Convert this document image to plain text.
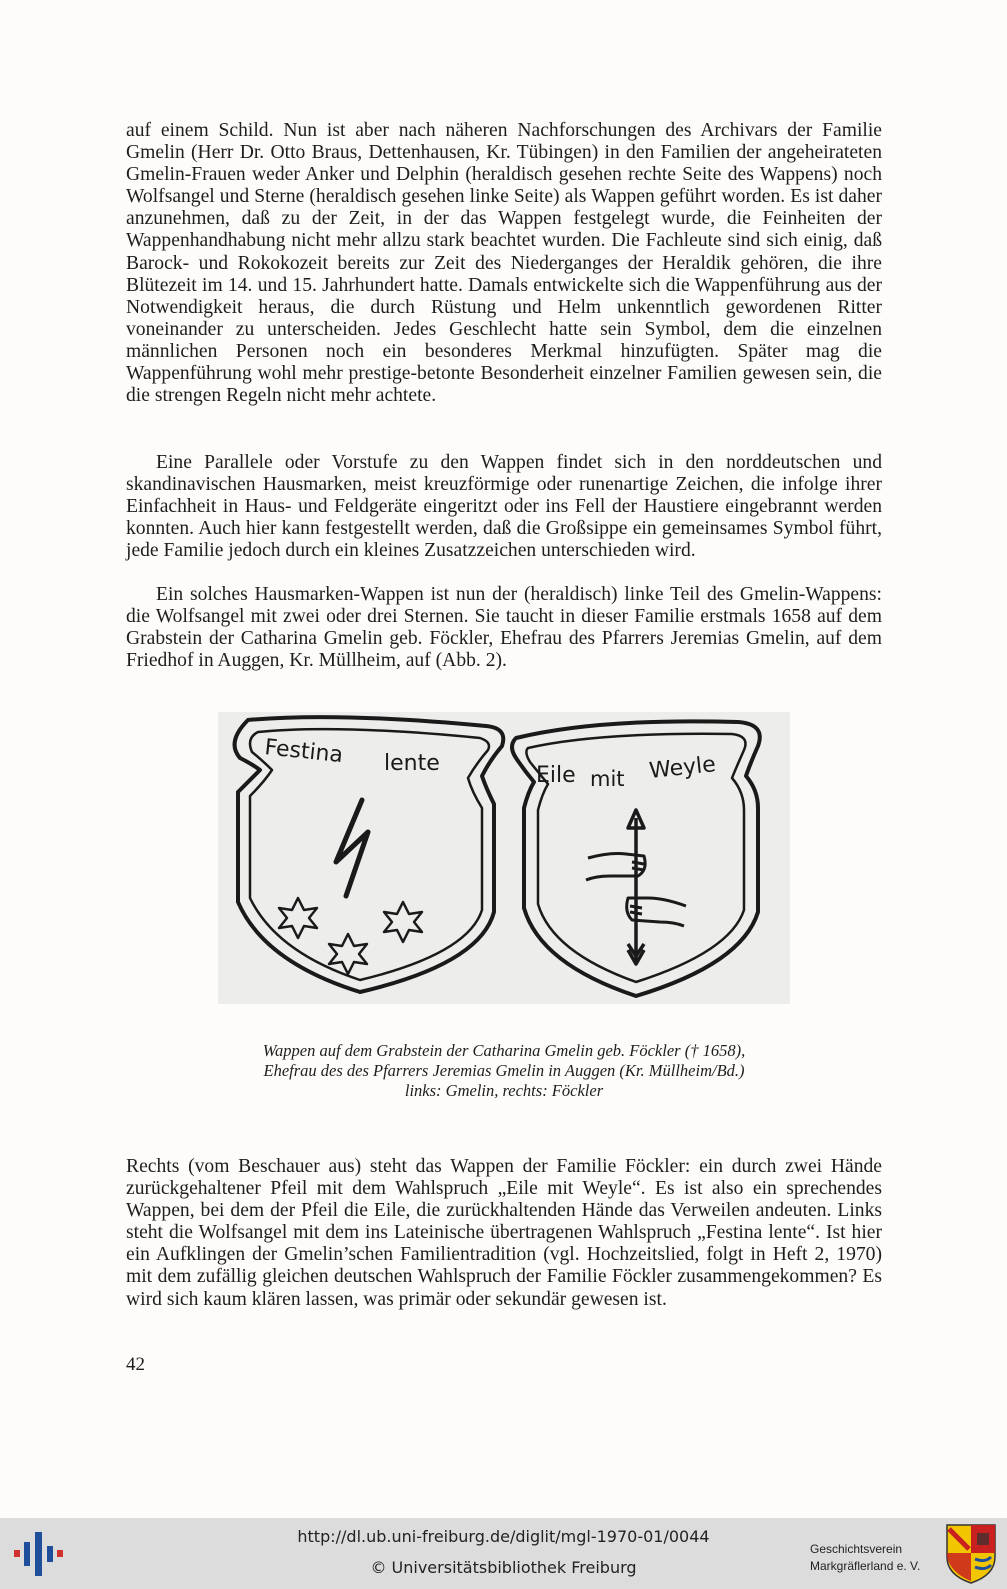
auf einem Schild. Nun ist aber nach näheren Nachforschungen des Archivars der Familie Gmelin (Herr Dr. Otto Braus, Dettenhausen, Kr. Tübingen) in den Familien der angeheirateten Gmelin-Frauen weder Anker und Delphin (heraldisch gesehen rechte Seite des Wappens) noch Wolfsangel und Sterne (heraldisch gesehen linke Seite) als Wappen geführt worden. Es ist daher anzunehmen, daß zu der Zeit, in der das Wappen festgelegt wurde, die Feinheiten der Wappenhandhabung nicht mehr allzu stark beachtet wurden. Die Fachleute sind sich einig, daß Barock- und Rokokozeit bereits zur Zeit des Niederganges der Heraldik gehören, die ihre Blütezeit im 14. und 15. Jahrhundert hatte. Damals entwickelte sich die Wappenführung aus der Notwendigkeit heraus, die durch Rüstung und Helm unkenntlich gewordenen Ritter voneinander zu unterscheiden. Jedes Geschlecht hatte sein Symbol, dem die einzelnen männlichen Personen noch ein besonderes Merkmal hinzufügten. Später mag die Wappenführung wohl mehr prestige-betonte Besonderheit einzelner Familien gewesen sein, die die strengen Regeln nicht mehr achtete.

Eine Parallele oder Vorstufe zu den Wappen findet sich in den norddeutschen und skandinavischen Hausmarken, meist kreuzförmige oder runenartige Zeichen, die infolge ihrer Einfachheit in Haus- und Feldgeräte eingeritzt oder ins Fell der Haustiere eingebrannt werden konnten. Auch hier kann festgestellt werden, daß die Großsippe ein gemeinsames Symbol führt, jede Familie jedoch durch ein kleines Zusatzzeichen unterschieden wird.

Ein solches Hausmarken-Wappen ist nun der (heraldisch) linke Teil des Gmelin-Wappens: die Wolfsangel mit zwei oder drei Sternen. Sie taucht in dieser Familie erstmals 1658 auf dem Grabstein der Catharina Gmelin geb. Föckler, Ehefrau des Pfarrers Jeremias Gmelin, auf dem Friedhof in Auggen, Kr. Müllheim, auf (Abb. 2).

Festina lente	Eile mit Weyle
Wappen auf dem Grabstein der Catharina Gmelin geb. Föckler († 1658),
Ehefrau des des Pfarrers Jeremias Gmelin in Auggen (Kr. Müllheim/Bd.)
links: Gmelin, rechts: Föckler

Rechts (vom Beschauer aus) steht das Wappen der Familie Föckler: ein durch zwei Hände zurückgehaltener Pfeil mit dem Wahlspruch „Eile mit Weyle“. Es ist also ein sprechendes Wappen, bei dem der Pfeil die Eile, die zurückhaltenden Hände das Verweilen andeuten. Links steht die Wolfsangel mit dem ins Lateinische übertragenen Wahlspruch „Festina lente“. Ist hier ein Aufklingen der Gmelin’schen Familientradition (vgl. Hochzeitslied, folgt in Heft 2, 1970) mit dem zufällig gleichen deutschen Wahlspruch der Familie Föckler zusammengekommen? Es wird sich kaum klären lassen, was primär oder sekundär gewesen ist.

42
http://dl.ub.uni-freiburg.de/diglit/mgl-1970-01/0044
© Universitätsbibliothek Freiburg
Geschichtsverein
Markgräflerland e. V.
